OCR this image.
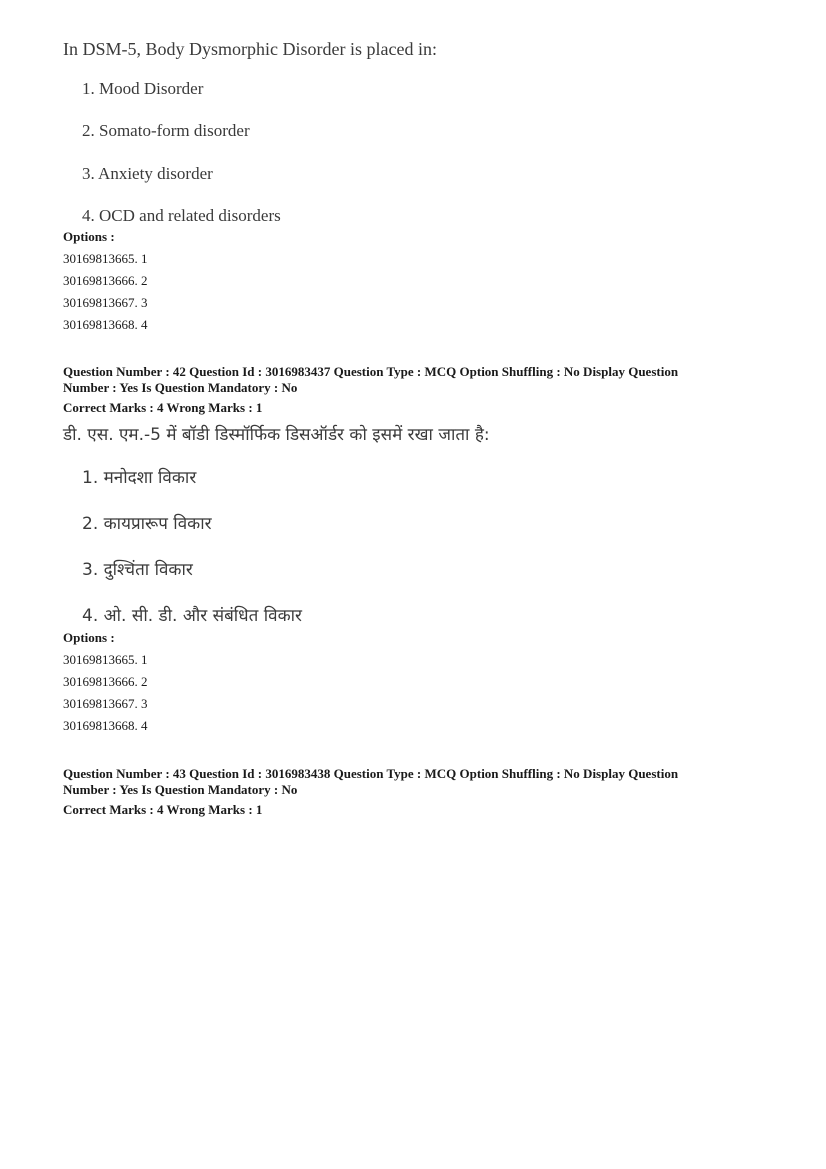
In DSM-5, Body Dysmorphic Disorder is placed in:
1. Mood Disorder
2. Somato-form disorder
3. Anxiety disorder
4. OCD and related disorders
Options :
30169813665. 1
30169813666. 2
30169813667. 3
30169813668. 4
Question Number : 42 Question Id : 3016983437 Question Type : MCQ Option Shuffling : No Display Question
Number : Yes Is Question Mandatory : No
Correct Marks : 4 Wrong Marks : 1
डी. एस. एम.-5 में बॉडी डिस्मॉर्फिक डिसऑर्डर को इसमें रखा जाता है:
1. मनोदशा विकार
2. कायप्रारूप विकार
3. दुश्चिंता विकार
4. ओ. सी. डी. और संबंधित विकार
Options :
30169813665. 1
30169813666. 2
30169813667. 3
30169813668. 4
Question Number : 43 Question Id : 3016983438 Question Type : MCQ Option Shuffling : No Display Question
Number : Yes Is Question Mandatory : No
Correct Marks : 4 Wrong Marks : 1
